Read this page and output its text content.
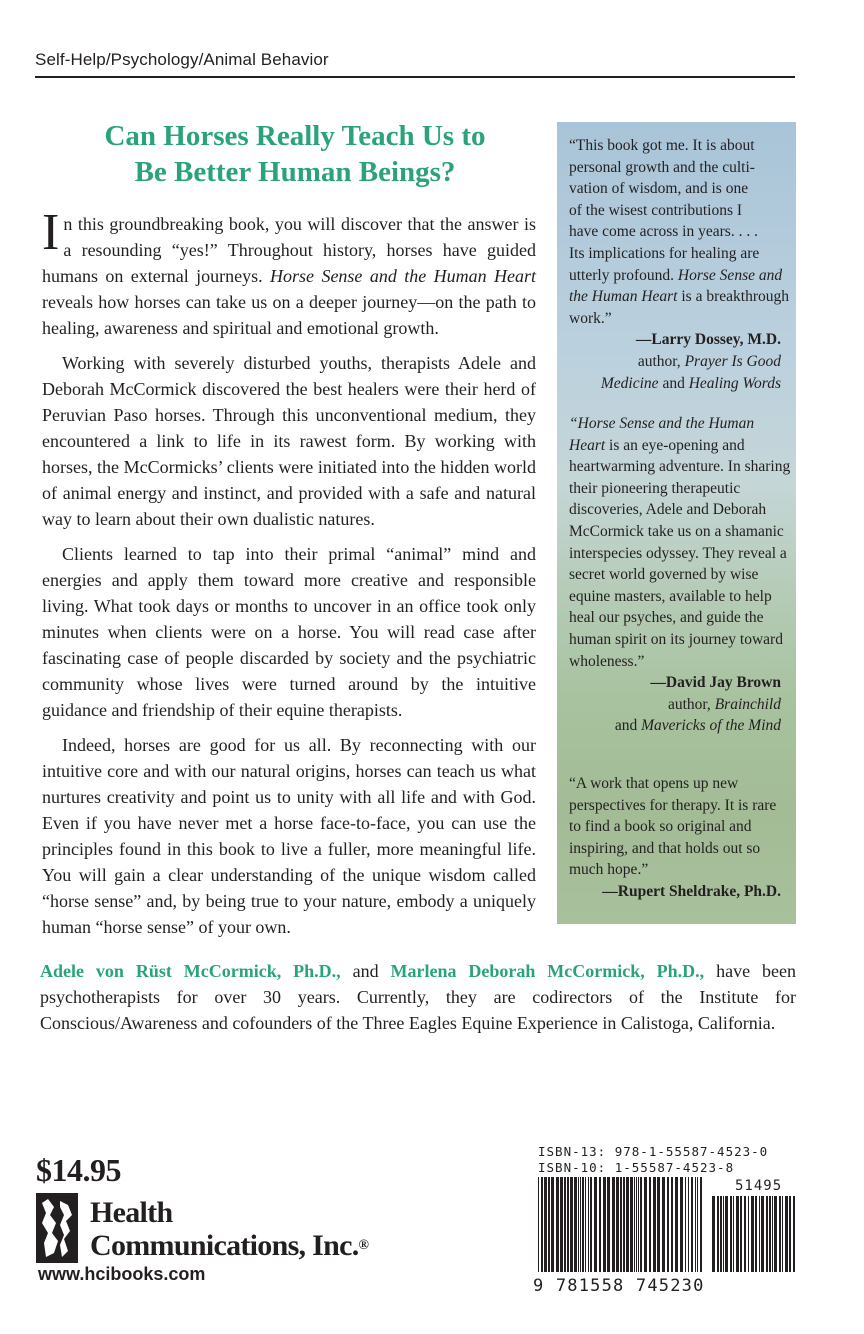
Self-Help/Psychology/Animal Behavior
Can Horses Really Teach Us to
Be Better Human Beings?

In this groundbreaking book, you will discover that the answer is a resounding “yes!” Throughout history, horses have guided humans on external journeys. Horse Sense and the Human Heart reveals how horses can take us on a deeper journey—on the path to healing, awareness and spiritual and emotional growth.

Working with severely disturbed youths, therapists Adele and Deborah McCormick discovered the best healers were their herd of Peruvian Paso horses. Through this unconventional medium, they encountered a link to life in its rawest form. By working with horses, the McCormicks’ clients were initiated into the hidden world of animal energy and instinct, and provided with a safe and natural way to learn about their own dualistic natures.

Clients learned to tap into their primal “animal” mind and energies and apply them toward more creative and responsible living. What took days or months to uncover in an office took only minutes when clients were on a horse. You will read case after fascinating case of people discarded by society and the psychiatric community whose lives were turned around by the intuitive guidance and friendship of their equine therapists.

Indeed, horses are good for us all. By reconnecting with our intuitive core and with our natural origins, horses can teach us what nurtures creativity and point us to unity with all life and with God. Even if you have never met a horse face-to-face, you can use the principles found in this book to live a fuller, more meaningful life. You will gain a clear understanding of the unique wisdom called “horse sense” and, by being true to your nature, embody a uniquely human “horse sense” of your own.

“This book got me. It is about
personal growth and the culti-
vation of wisdom, and is one
of the wisest contributions I
have come across in years. . . .
Its implications for healing are
utterly profound. Horse Sense and the Human Heart is a breakthrough work.”
—Larry Dossey, M.D.
author, Prayer Is Good
Medicine and Healing Words
“Horse Sense and the Human Heart is an eye-opening and heartwarming adventure. In sharing their pioneering therapeutic discoveries, Adele and Deborah McCormick take us on a shamanic interspecies odyssey. They reveal a secret world governed by wise equine masters, available to help heal our psyches, and guide the human spirit on its journey toward wholeness.”
—David Jay Brown
author, Brainchild
and Mavericks of the Mind
“A work that opens up new perspectives for therapy. It is rare to find a book so original and inspiring, and that holds out so much hope.”
—Rupert Sheldrake, Ph.D.
Adele von Rüst McCormick, Ph.D., and Marlena Deborah McCormick, Ph.D., have been psychotherapists for over 30 years. Currently, they are codirectors of the Institute for Conscious/Awareness and cofounders of the Three Eagles Equine Experience in Calistoga, California.
$14.95
Health
Communications, Inc.®
www.hcibooks.com
ISBN-13: 978-1-55587-4523-0
ISBN-10: 1-55587-4523-8
51495
9 781558 745230
